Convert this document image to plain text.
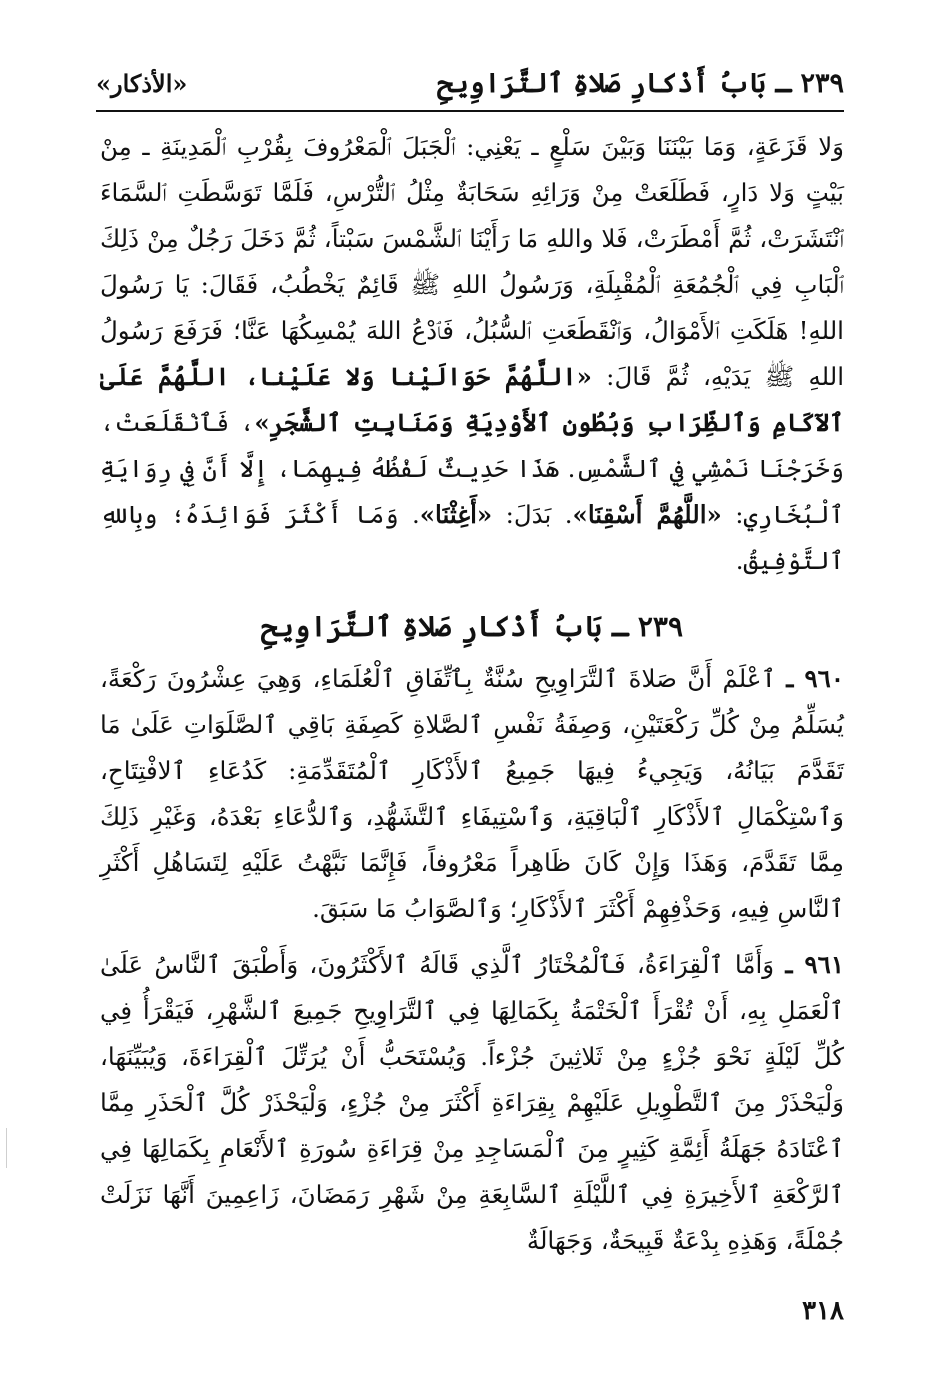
٢٣٩ ـ بَابُ أَذْكارِ صَلاةِ ٱلتَّرَاوِيحِ
«الأذكار»

وَلا قَزَعَةٍ، وَمَا بَيْنَنَا وَبَيْنَ سَلْعٍ ـ يَعْنِي: ٱلْجَبَلَ ٱلْمَعْرُوفَ بِقُرْبِ ٱلْمَدِينَةِ ـ مِنْ بَيْتٍ وَلا دَارٍ، فَطَلَعَتْ مِنْ وَرَائِهِ سَحَابَةٌ مِثْلُ ٱلتُّرْسِ، فَلَمَّا تَوَسَّطَتِ ٱلسَّمَاءَ ٱنْتَشَرَتْ، ثُمَّ أَمْطَرَتْ، فَلا واللهِ مَا رَأَيْنَا ٱلشَّمْسَ سَبْتاً، ثُمَّ دَخَلَ رَجُلٌ مِنْ ذَلِكَ ٱلْبَابِ فِي ٱلْجُمُعَةِ ٱلْمُقْبِلَةِ، وَرَسُولُ اللهِ ﷺ قَائِمٌ يَخْطُبُ، فَقَالَ: يَا رَسُولَ اللهِ! هَلَكَتِ ٱلأَمْوَالُ، وَٱنْقَطَعَتِ ٱلسُّبُلُ، فَٱدْعُ اللهَ يُمْسِكُهَا عَنَّا؛ فَرَفَعَ رَسُولُ اللهِ ﷺ يَدَيْهِ، ثُمَّ قَالَ: «اللَّهُمَّ حَوَالَيْنا وَلا عَلَيْنا، اللَّهُمَّ عَلَىٰ ٱلآكَامِ وَٱلظِّرَابِ وَبُطُونِ ٱلأَوْدِيَةِ وَمَنَابِتِ ٱلشَّجَرِ»، فَٱنْقَلَعَتْ، وَخَرَجْنَا نَمْشِي فِي ٱلشَّمْسِ. هَذَا حَدِيثٌ لَفْظُهُ فِيهِمَا، إِلَّا أَنَّ فِي رِوَايَةِ ٱلْبُخَارِي: «اللَّهُمَّ أَسْقِنَا». بَدَلَ: «أَغِثْنَا». وَمَا أَكْثَرَ فَوَائِدَهُ؛ وبِاللهِ ٱلتَّوْفِيقُ.

٢٣٩ ـ بَابُ أَذْكارِ صَلاةِ ٱلتَّرَاوِيحِ

٩٦٠ ـ ٱعْلَمْ أَنَّ صَلاةَ ٱلتَّرَاوِيحِ سُنَّةٌ بِٱتِّفَاقِ ٱلْعُلَمَاءِ، وَهِيَ عِشْرُونَ رَكْعَةً، يُسَلِّمُ مِنْ كُلِّ رَكْعَتَيْنِ، وَصِفَةُ نَفْسِ ٱلصَّلاةِ كَصِفَةِ بَاقِي ٱلصَّلَوَاتِ عَلَىٰ مَا تَقَدَّمَ بَيَانُهُ، وَيَجِيءُ فِيهَا جَمِيعُ ٱلأَذْكَارِ ٱلْمُتَقَدِّمَةِ: كَدُعَاءِ ٱلافْتِتَاحِ، وَٱسْتِكْمَالِ ٱلأَذْكَارِ ٱلْبَاقِيَةِ، وَٱسْتِيفَاءِ ٱلتَّشَهُّدِ، وَٱلدُّعَاءِ بَعْدَهُ، وَغَيْرِ ذَلِكَ مِمَّا تَقَدَّمَ، وَهَذَا وَإِنْ كَانَ ظَاهِراً مَعْرُوفاً، فَإِنَّمَا نَبَّهْتُ عَلَيْهِ لِتَسَاهُلِ أَكْثَرِ ٱلنَّاسِ فِيهِ، وَحَذْفِهِمْ أَكْثَرَ ٱلأَذْكَارِ؛ وَٱلصَّوَابُ مَا سَبَقَ.

٩٦١ ـ وَأَمَّا ٱلْقِرَاءَةُ، فَٱلْمُخْتَارُ ٱلَّذِي قَالَهُ ٱلأَكْثَرُونَ، وَأَطْبَقَ ٱلنَّاسُ عَلَىٰ ٱلْعَمَلِ بِهِ، أَنْ تُقْرَأَ ٱلْخَتْمَةُ بِكَمَالِهَا فِي ٱلتَّرَاوِيحِ جَمِيعَ ٱلشَّهْرِ، فَيَقْرَأُ فِي كُلِّ لَيْلَةٍ نَحْوَ جُزْءٍ مِنْ ثَلاثِينَ جُزْءاً. وَيُسْتَحَبُّ أَنْ يُرَتِّلَ ٱلْقِرَاءَةَ، وَيُبَيِّنَهَا، وَلْيَحْذَرْ مِنَ ٱلتَّطْوِيلِ عَلَيْهِمْ بِقِرَاءَةِ أَكْثَرَ مِنْ جُزْءٍ، وَلْيَحْذَرْ كُلَّ ٱلْحَذَرِ مِمَّا ٱعْتَادَهُ جَهَلَةُ أَئِمَّةِ كَثِيرٍ مِنَ ٱلْمَسَاجِدِ مِنْ قِرَاءَةِ سُورَةِ ٱلأَنْعَامِ بِكَمَالِهَا فِي ٱلرَّكْعَةِ ٱلأَخِيرَةِ فِي ٱللَّيْلَةِ ٱلسَّابِعَةِ مِنْ شَهْرِ رَمَضَانَ، زَاعِمِينَ أَنَّهَا نَزَلَتْ جُمْلَةً، وَهَذِهِ بِدْعَةٌ قَبِيحَةٌ، وَجَهَالَةٌ

٣١٨
